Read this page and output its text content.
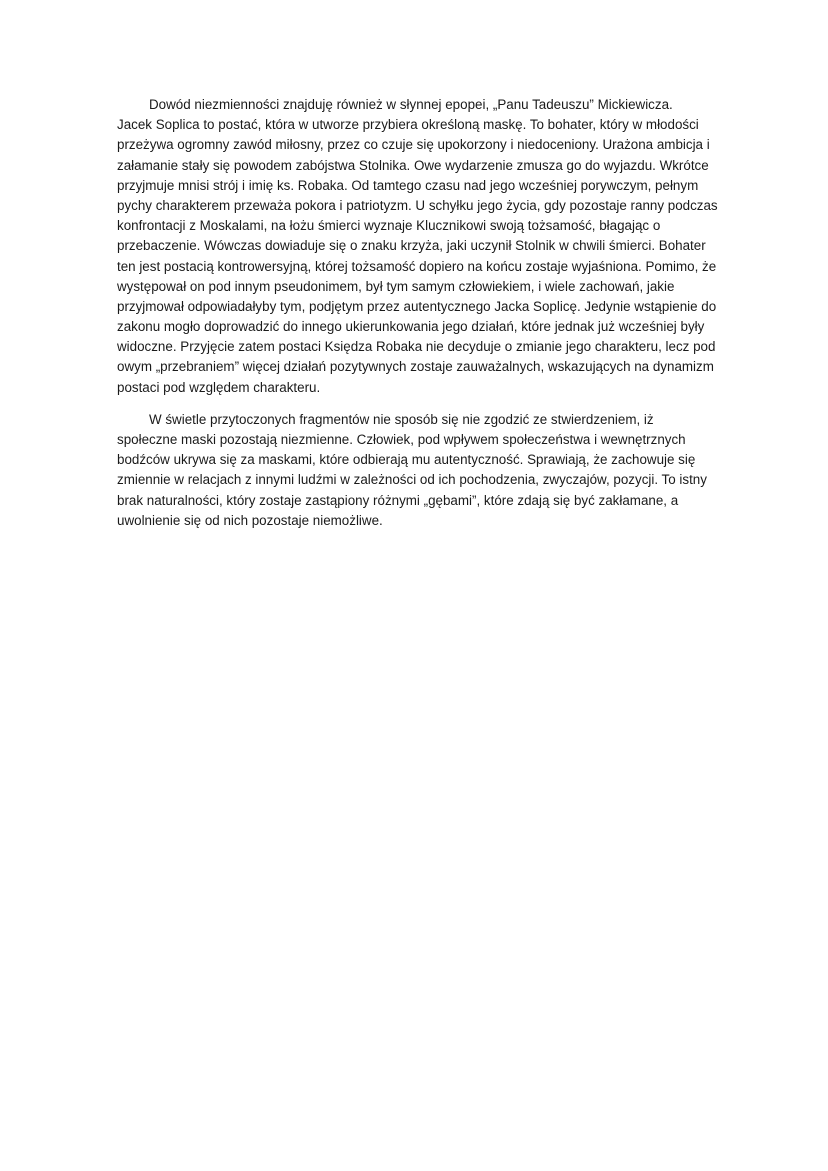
Dowód niezmienności znajduję również w słynnej epopei, „Panu Tadeuszu” Mickiewicza.
Jacek Soplica to postać, która w utworze przybiera określoną maskę. To bohater, który w młodości
przeżywa ogromny zawód miłosny, przez co czuje się upokorzony i niedoceniony. Urażona ambicja i
załamanie stały się powodem zabójstwa Stolnika. Owe wydarzenie zmusza go do wyjazdu. Wkrótce
przyjmuje mnisi strój i imię ks. Robaka. Od tamtego czasu nad jego wcześniej porywczym, pełnym
pychy charakterem przeważa pokora i patriotyzm. U schyłku jego życia, gdy pozostaje ranny podczas
konfrontacji z Moskalami, na łożu śmierci wyznaje Klucznikowi swoją tożsamość, błagając o
przebaczenie. Wówczas dowiaduje się o znaku krzyża, jaki uczynił Stolnik w chwili śmierci. Bohater
ten jest postacią kontrowersyjną, której tożsamość dopiero na końcu zostaje wyjaśniona. Pomimo, że
występował on pod innym pseudonimem, był tym samym człowiekiem, i wiele zachowań, jakie
przyjmował odpowiadałyby tym, podjętym przez autentycznego Jacka Soplicę. Jedynie wstąpienie do
zakonu mogło doprowadzić do innego ukierunkowania jego działań, które jednak już wcześniej były
widoczne. Przyjęcie zatem postaci Księdza Robaka nie decyduje o zmianie jego charakteru, lecz pod
owym „przebraniem” więcej działań pozytywnych zostaje zauważalnych, wskazujących na dynamizm
postaci pod względem charakteru.
W świetle przytoczonych fragmentów nie sposób się nie zgodzić ze stwierdzeniem, iż
społeczne maski pozostają niezmienne. Człowiek, pod wpływem społeczeństwa i wewnętrznych
bodźców ukrywa się za maskami, które odbierają mu autentyczność. Sprawiają, że zachowuje się
zmiennie w relacjach z innymi ludźmi w zależności od ich pochodzenia, zwyczajów, pozycji. To istny
brak naturalności, który zostaje zastąpiony różnymi „gębami”, które zdają się być zakłamane, a
uwolnienie się od nich pozostaje niemożliwe.
